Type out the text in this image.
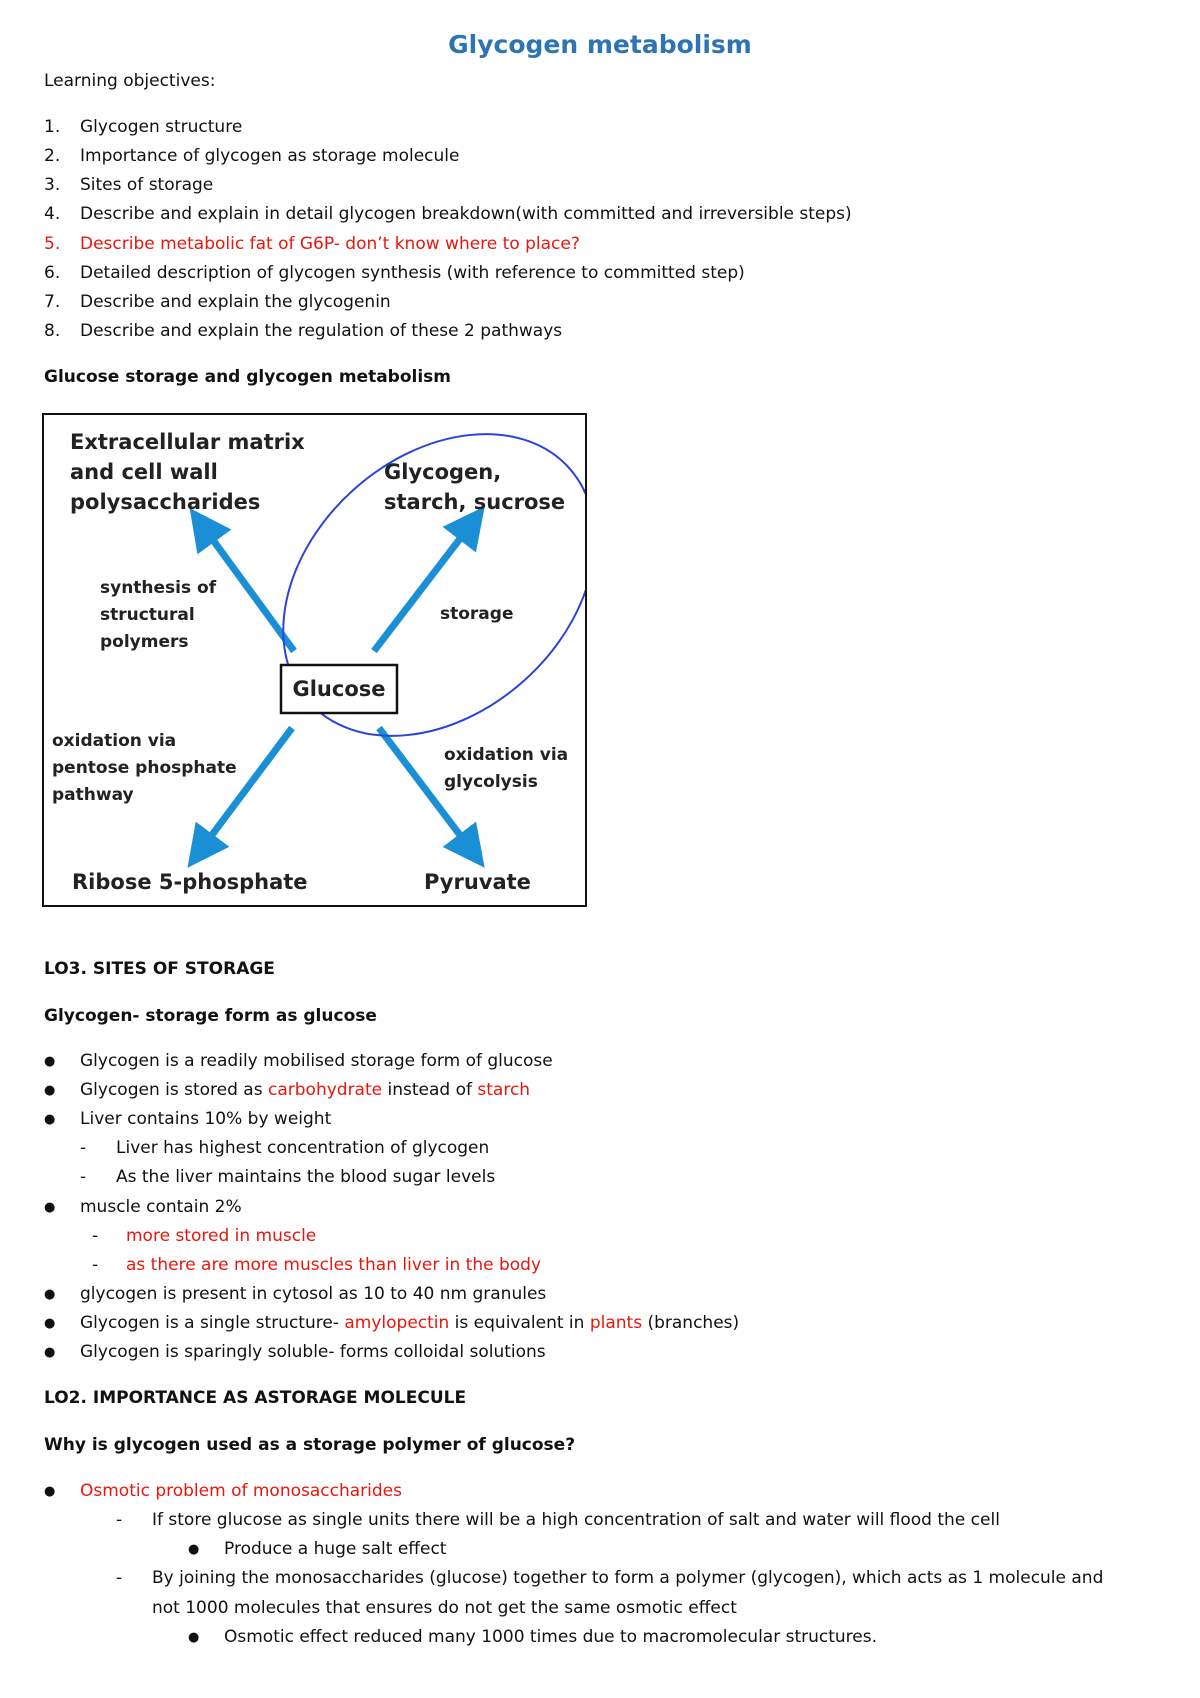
Glycogen metabolism
Learning objectives:
1. Glycogen structure
2. Importance of glycogen as storage molecule
3. Sites of storage
4. Describe and explain in detail glycogen breakdown(with committed and irreversible steps)
5. Describe metabolic fat of G6P- don’t know where to place?
6. Detailed description of glycogen synthesis (with reference to committed step)
7. Describe and explain the glycogenin
8. Describe and explain the regulation of these 2 pathways
Glucose storage and glycogen metabolism
Extracellular matrix
and cell wall
polysaccharides
Glycogen,
starch, sucrose
synthesis of
structural
polymers
storage
Glucose
oxidation via
pentose phosphate
pathway
oxidation via
glycolysis
Ribose 5-phosphate	Pyruvate
LO3. SITES OF STORAGE
Glycogen- storage form as glucose
● Glycogen is a readily mobilised storage form of glucose
● Glycogen is stored as carbohydrate instead of starch
● Liver contains 10% by weight
- Liver has highest concentration of glycogen
- As the liver maintains the blood sugar levels
● muscle contain 2%
- more stored in muscle
- as there are more muscles than liver in the body
● glycogen is present in cytosol as 10 to 40 nm granules
● Glycogen is a single structure- amylopectin is equivalent in plants (branches)
● Glycogen is sparingly soluble- forms colloidal solutions
LO2. IMPORTANCE AS ASTORAGE MOLECULE
Why is glycogen used as a storage polymer of glucose?
● Osmotic problem of monosaccharides
- If store glucose as single units there will be a high concentration of salt and water will flood the cell
● Produce a huge salt effect
- By joining the monosaccharides (glucose) together to form a polymer (glycogen), which acts as 1 molecule and
not 1000 molecules that ensures do not get the same osmotic effect
● Osmotic effect reduced many 1000 times due to macromolecular structures.
